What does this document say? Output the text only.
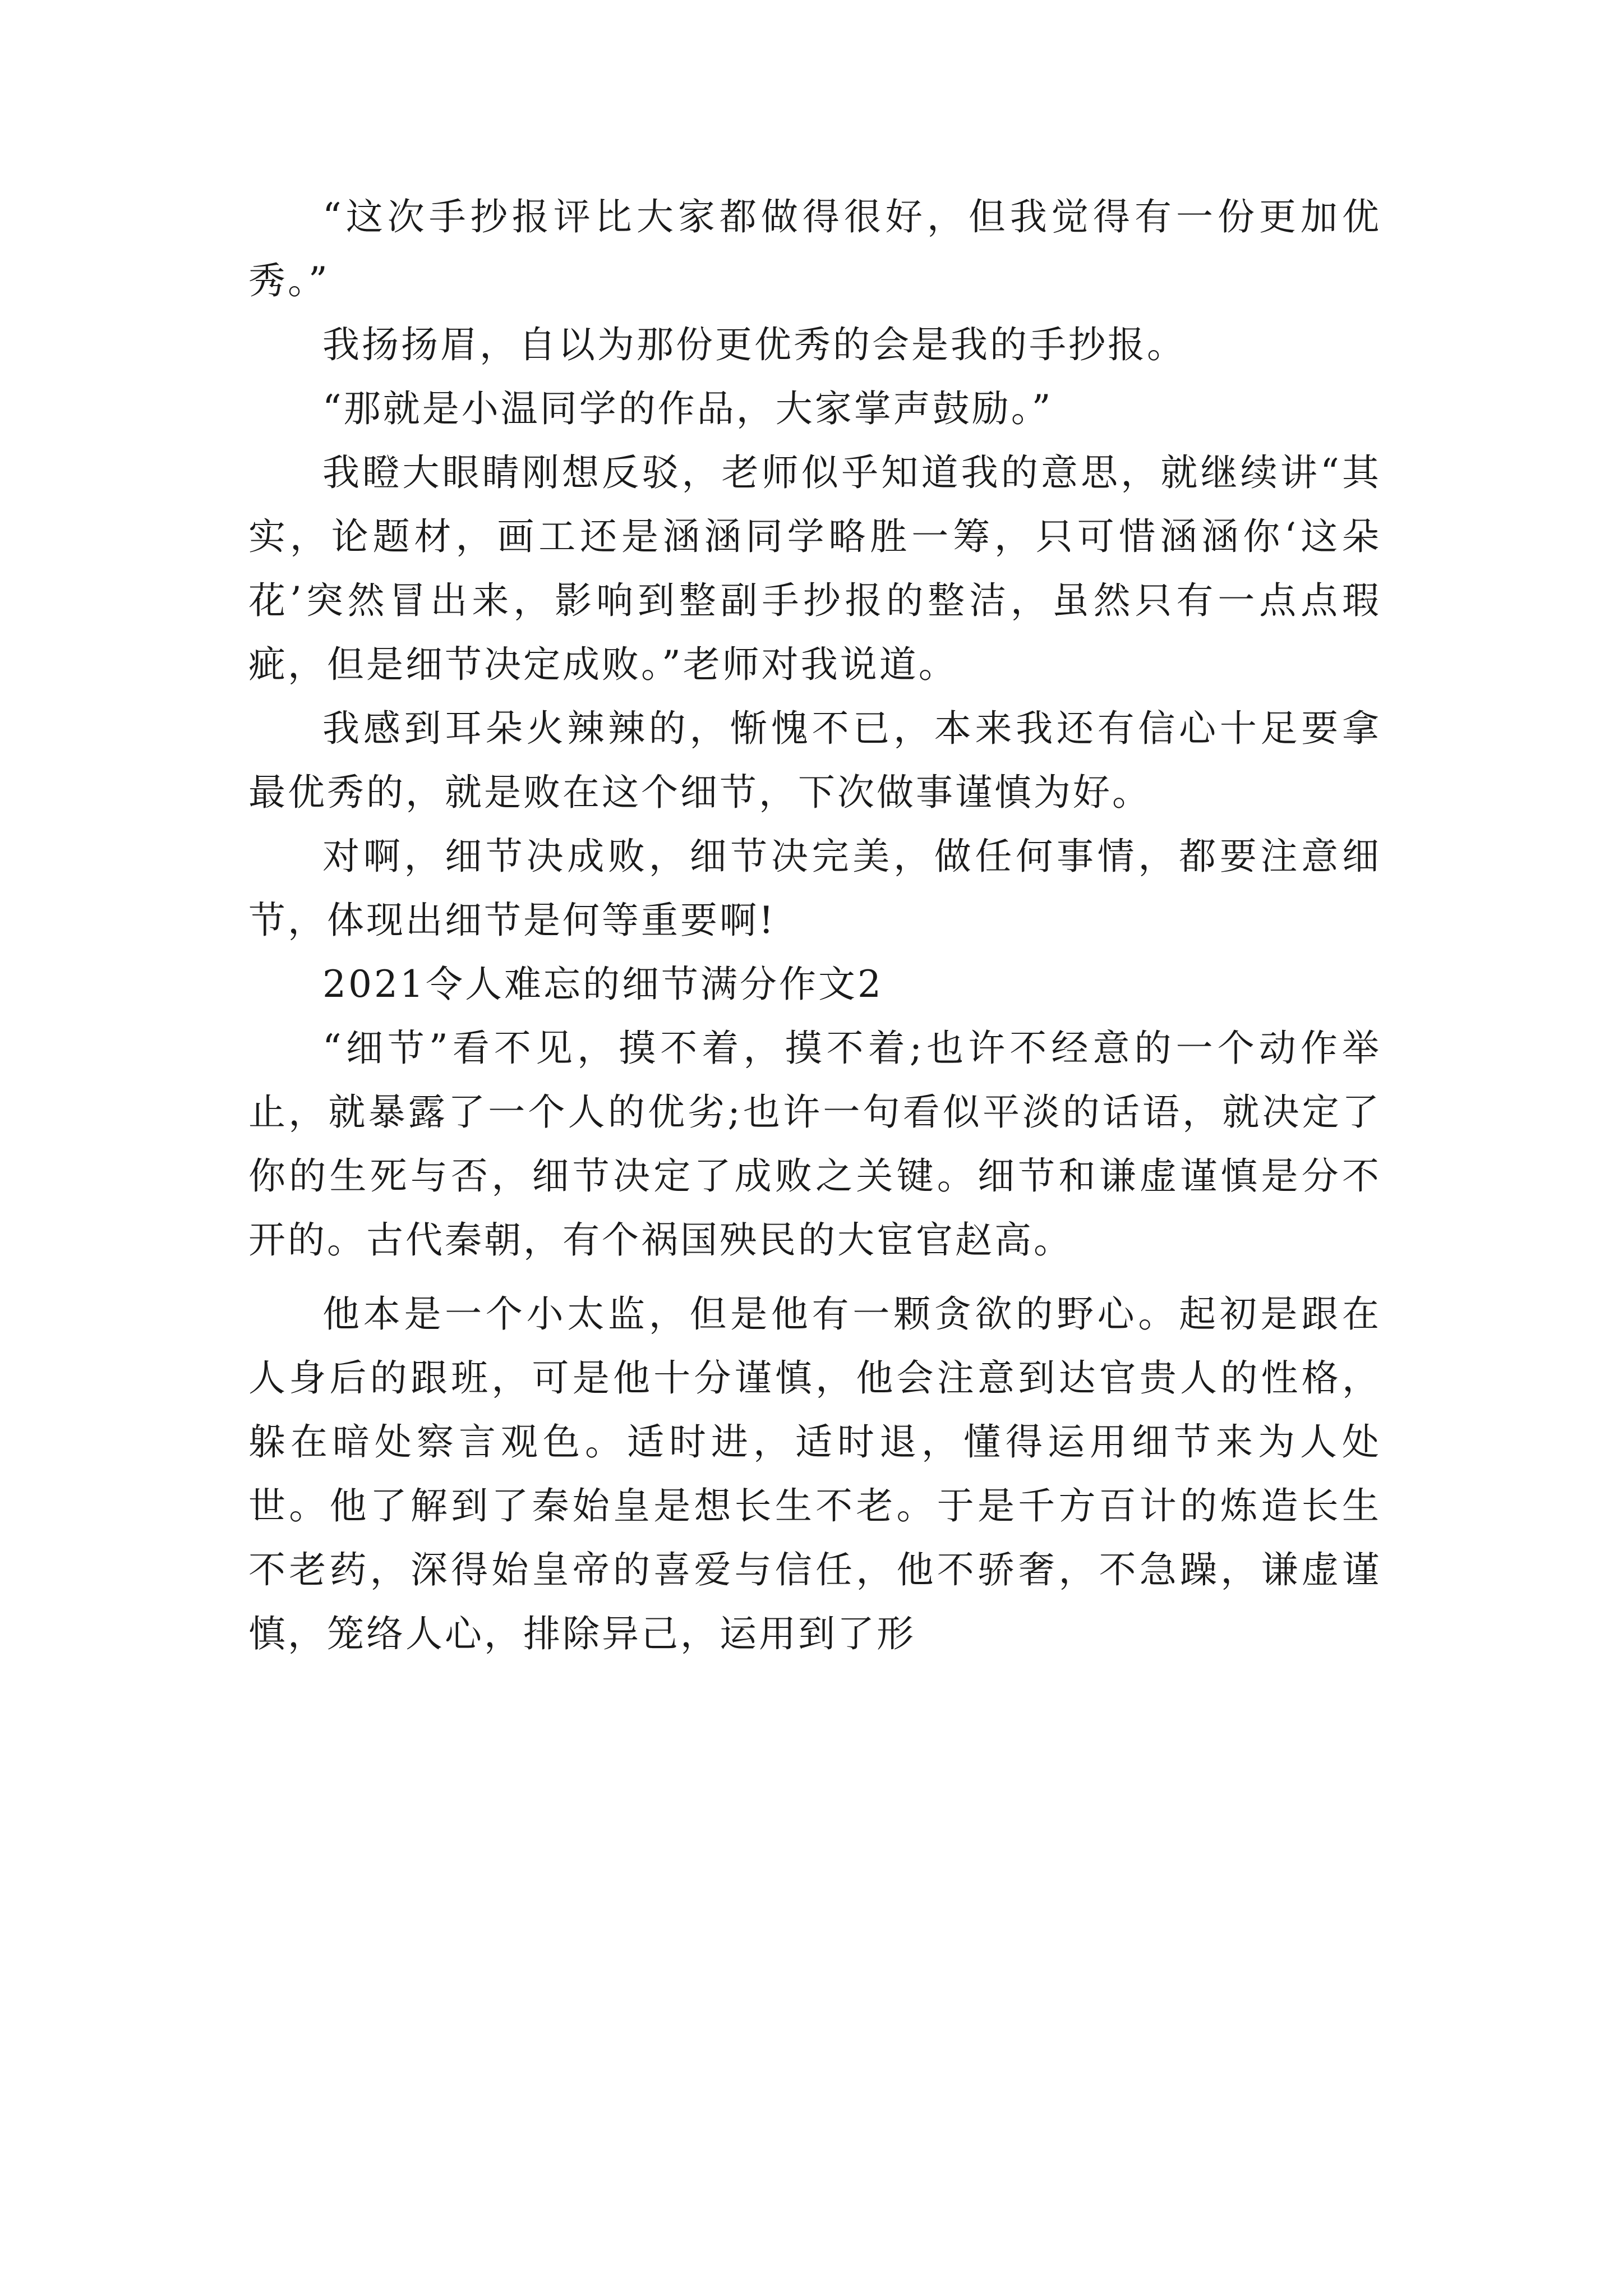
“这次手抄报评比大家都做得很好，但我觉得有一份更加优秀。”

我扬扬眉，自以为那份更优秀的会是我的手抄报。

“那就是小温同学的作品，大家掌声鼓励。”

我瞪大眼睛刚想反驳，老师似乎知道我的意思，就继续讲“其实，论题材，画工还是涵涵同学略胜一筹，只可惜涵涵你‘这朵花’突然冒出来，影响到整副手抄报的整洁，虽然只有一点点瑕疵，但是细节决定成败。”老师对我说道。

我感到耳朵火辣辣的，惭愧不已，本来我还有信心十足要拿最优秀的，就是败在这个细节，下次做事谨慎为好。

对啊，细节决成败，细节决完美，做任何事情，都要注意细节，体现出细节是何等重要啊!

2021令人难忘的细节满分作文2

“细节”看不见，摸不着，摸不着;也许不经意的一个动作举止，就暴露了一个人的优劣;也许一句看似平淡的话语，就决定了你的生死与否，细节决定了成败之关键。细节和谦虚谨慎是分不开的。古代秦朝，有个祸国殃民的大宦官赵高。

他本是一个小太监，但是他有一颗贪欲的野心。起初是跟在人身后的跟班，可是他十分谨慎，他会注意到达官贵人的性格，躲在暗处察言观色。适时进，适时退，懂得运用细节来为人处世。他了解到了秦始皇是想长生不老。于是千方百计的炼造长生不老药，深得始皇帝的喜爱与信任，他不骄奢，不急躁，谦虚谨慎，笼络人心，排除异己，运用到了形
